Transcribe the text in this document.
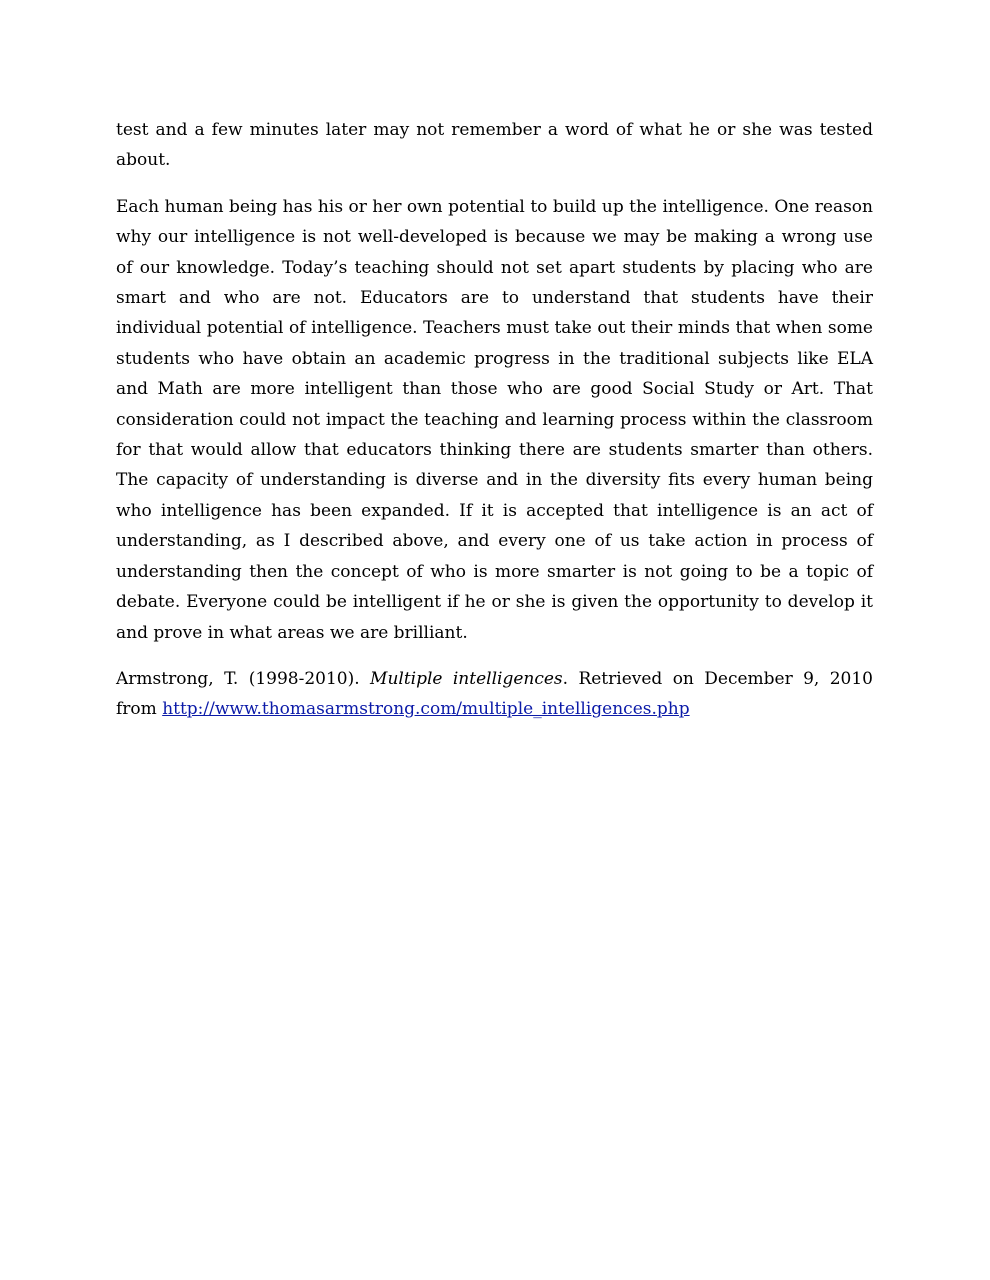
test and a few minutes later may not remember a word of what he or she was tested about.

Each human being has his or her own potential to build up the intelligence. One reason why our intelligence is not well-developed is because we may be making a wrong use of our knowledge. Today’s teaching should not set apart students by placing who are smart and who are not. Educators are to understand that students have their individual potential of intelligence. Teachers must take out their minds that when some students who have obtain an academic progress in the traditional subjects like ELA and Math are more intelligent than those who are good Social Study or Art. That consideration could not impact the teaching and learning process within the classroom for that would allow that educators thinking there are students smarter than others. The capacity of understanding is diverse and in the diversity fits every human being who intelligence has been expanded. If it is accepted that intelligence is an act of understanding, as I described above, and every one of us take action in process of understanding then the concept of who is more smarter is not going to be a topic of debate. Everyone could be intelligent if he or she is given the opportunity to develop it and prove in what areas we are brilliant.

Armstrong, T. (1998-2010). Multiple intelligences. Retrieved on December 9, 2010 from http://www.thomasarmstrong.com/multiple_intelligences.php
